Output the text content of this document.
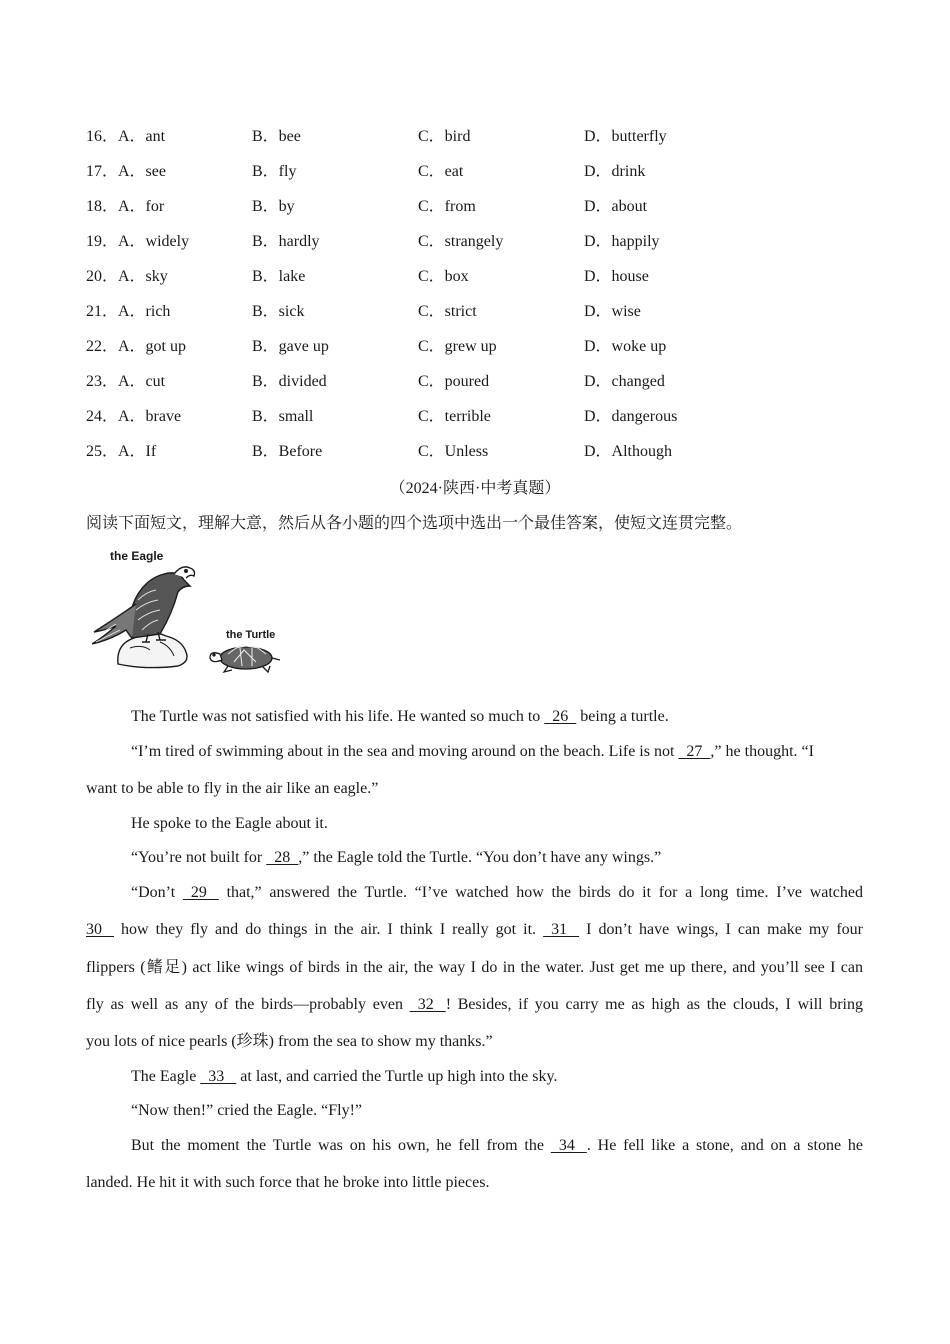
16．A．ant	B．bee	C．bird	D．butterfly
17．A．see	B．fly	C．eat	D．drink
18．A．for	B．by	C．from	D．about
19．A．widely	B．hardly	C．strangely	D．happily
20．A．sky	B．lake	C．box	D．house
21．A．rich	B．sick	C．strict	D．wise
22．A．got up	B．gave up	C．grew up	D．woke up
23．A．cut	B．divided	C．poured	D．changed
24．A．brave	B．small	C．terrible	D．dangerous
25．A．If	B．Before	C．Unless	D．Although
（2024·陕西·中考真题）
阅读下面短文，理解大意，然后从各小题的四个选项中选出一个最佳答案，使短文连贯完整。
the Eagle
the Turtle
The Turtle was not satisfied with his life. He wanted so much to   26   being a turtle.
“I’m tired of swimming about in the sea and moving around on the beach. Life is not   27  ,” he thought. “I
want to be able to fly in the air like an eagle.”
He spoke to the Eagle about it.
“You’re not built for   28  ,” the Eagle told the Turtle. “You don’t have any wings.”
“Don’t   29    that,” answered the Turtle. “I’ve watched how the birds do it for a long time. I’ve watched
30    how they fly and do things in the air. I think I really got it.   31    I don’t have wings, I can make my four
flippers (鳍足) act like wings of birds in the air, the way I do in the water. Just get me up there, and you’ll see I can
fly as well as any of the birds—probably even   32   ! Besides, if you carry me as high as the clouds, I will bring
you lots of nice pearls (珍珠) from the sea to show my thanks.”
The Eagle   33    at last, and carried the Turtle up high into the sky.
“Now then!” cried the Eagle. “Fly!”
But the moment the Turtle was on his own, he fell from the   34   . He fell like a stone, and on a stone he
landed. He hit it with such force that he broke into little pieces.
